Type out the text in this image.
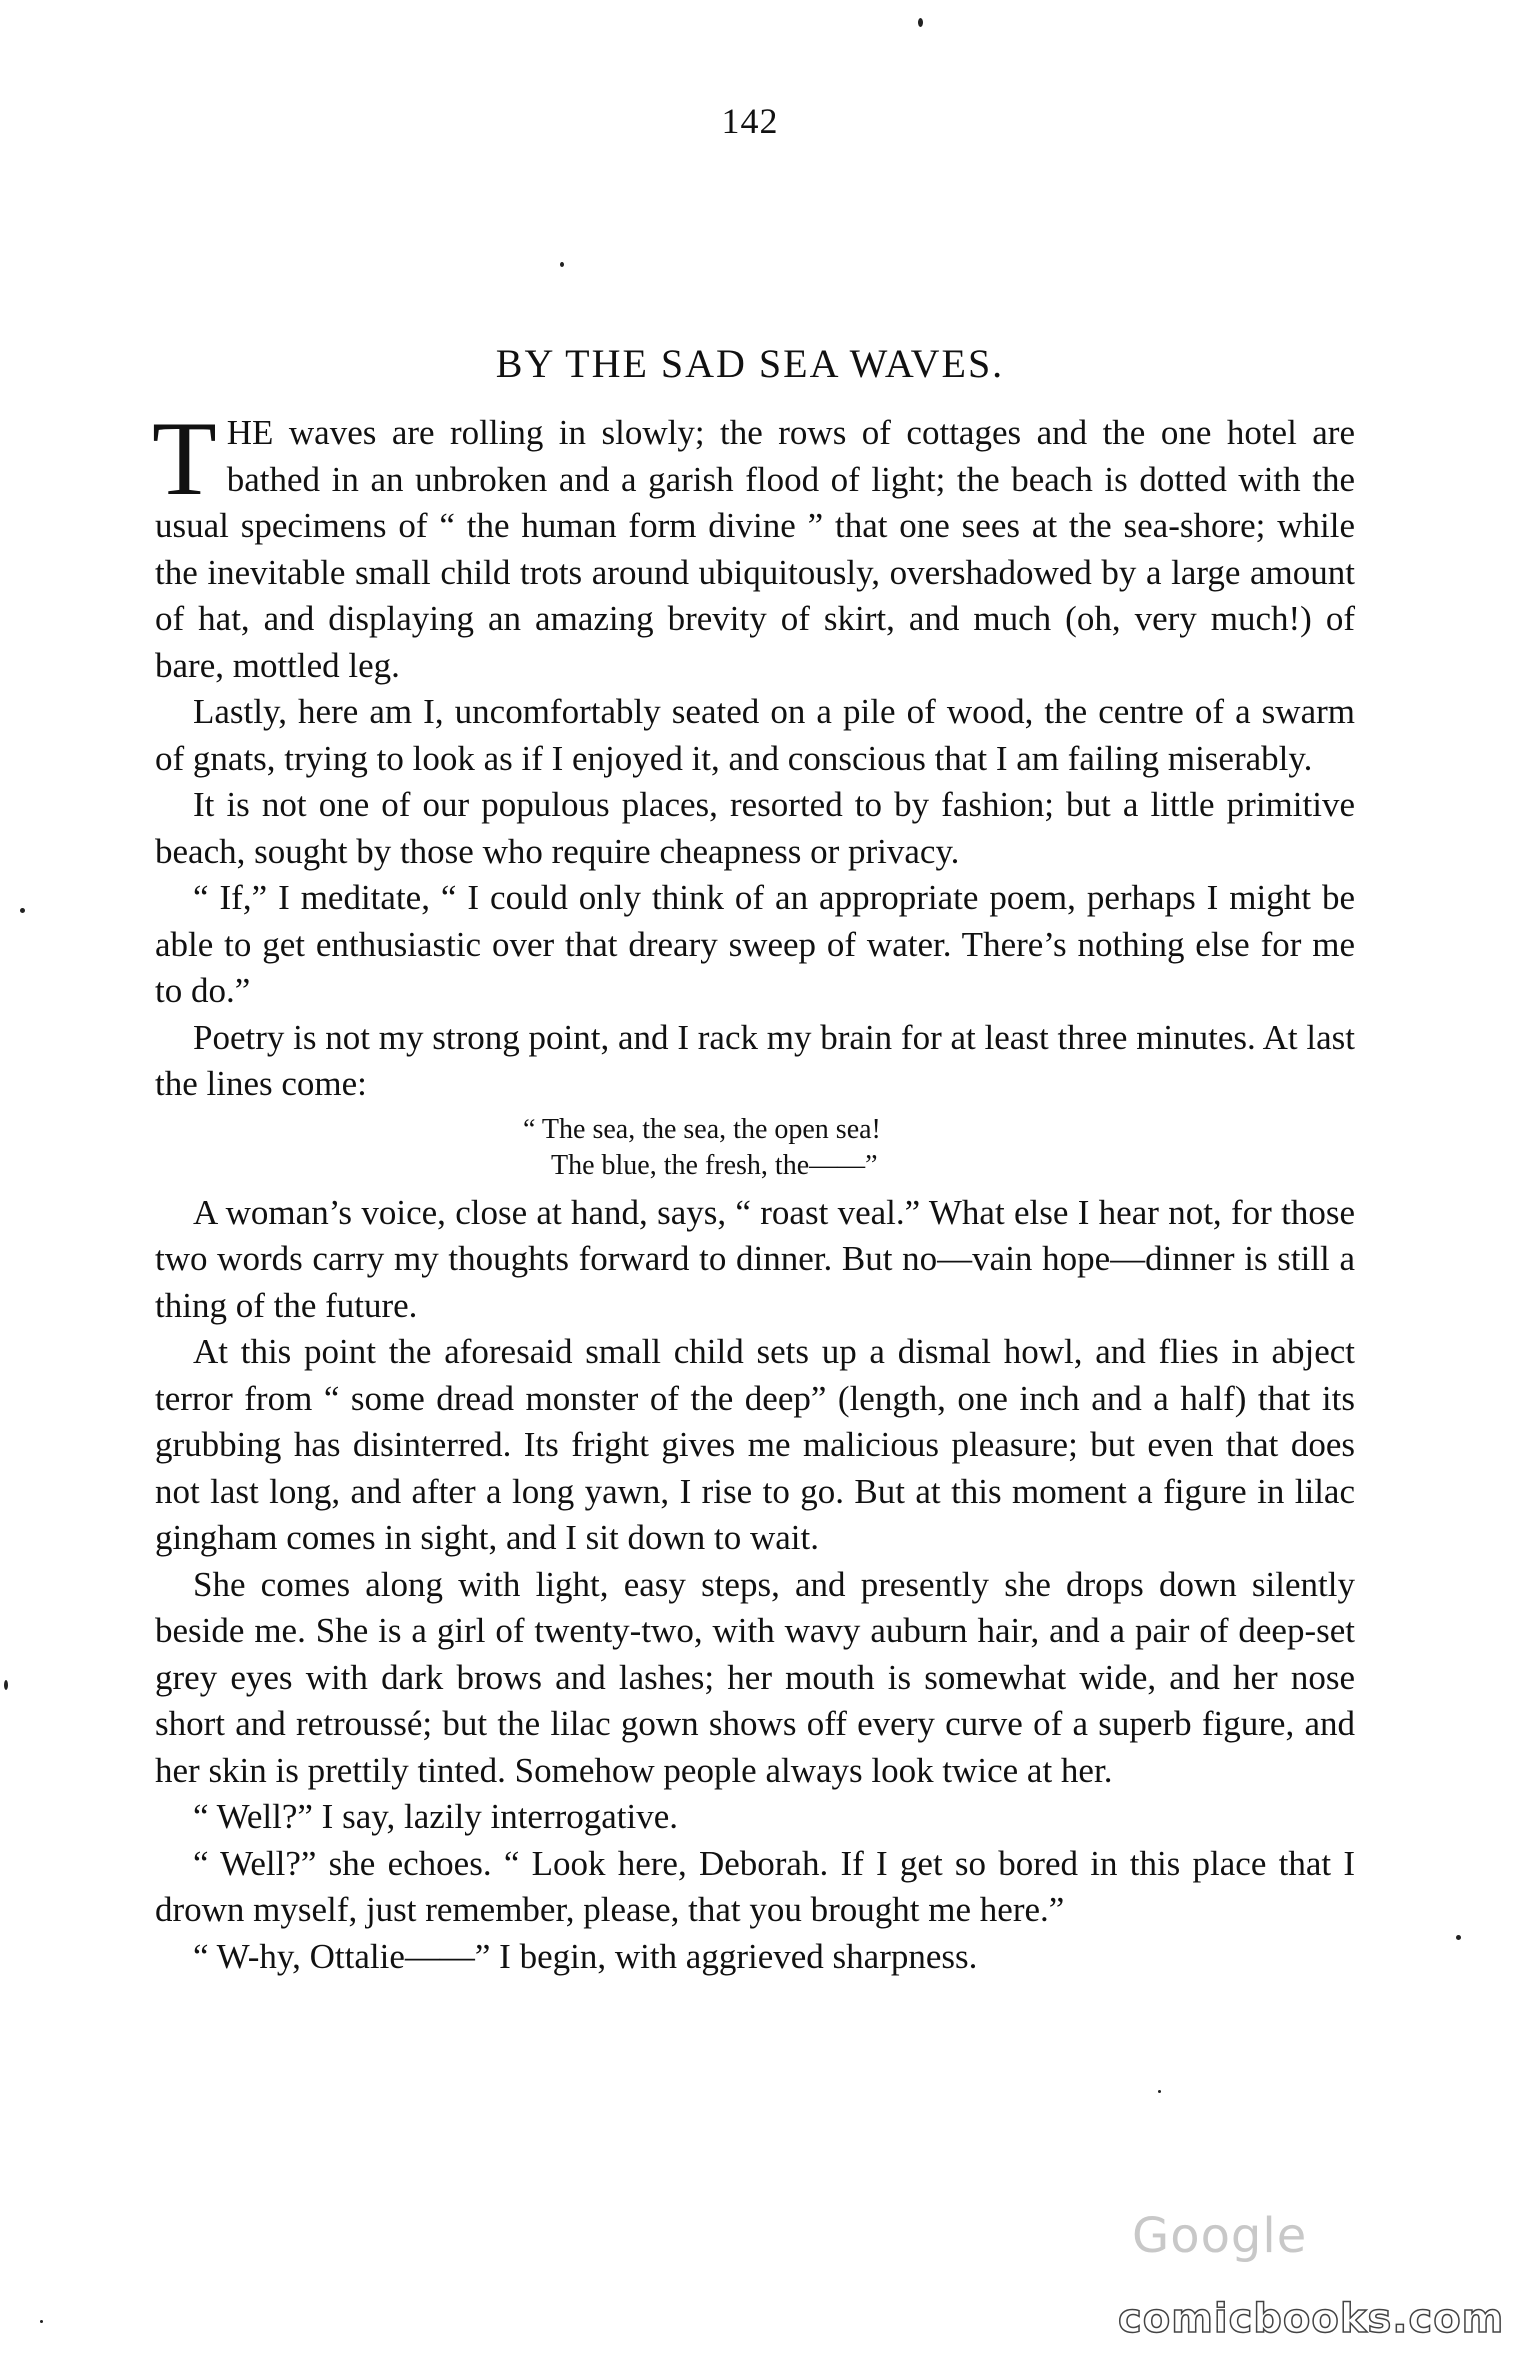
142
BY THE SAD SEA WAVES.

THE waves are rolling in slowly; the rows of cottages and the one hotel are bathed in an unbroken and a garish flood of light; the beach is dotted with the usual specimens of “ the human form divine ” that one sees at the sea-shore; while the inevitable small child trots around ubiquitously, overshadowed by a large amount of hat, and displaying an amazing brevity of skirt, and much (oh, very much!) of bare, mottled leg.

Lastly, here am I, uncomfortably seated on a pile of wood, the centre of a swarm of gnats, trying to look as if I enjoyed it, and conscious that I am failing miserably.

It is not one of our populous places, resorted to by fashion; but a little primitive beach, sought by those who require cheapness or privacy.

“ If,” I meditate, “ I could only think of an appropriate poem, perhaps I might be able to get enthusiastic over that dreary sweep of water. There’s nothing else for me to do.”

Poetry is not my strong point, and I rack my brain for at least three minutes. At last the lines come:

“ The sea, the sea, the open sea!
The blue, the fresh, the——”

A woman’s voice, close at hand, says, “ roast veal.” What else I hear not, for those two words carry my thoughts forward to dinner. But no—vain hope—dinner is still a thing of the future.

At this point the aforesaid small child sets up a dismal howl, and flies in abject terror from “ some dread monster of the deep” (length, one inch and a half) that its grubbing has disinterred. Its fright gives me malicious pleasure; but even that does not last long, and after a long yawn, I rise to go. But at this moment a figure in lilac gingham comes in sight, and I sit down to wait.

She comes along with light, easy steps, and presently she drops down silently beside me. She is a girl of twenty-two, with wavy auburn hair, and a pair of deep-set grey eyes with dark brows and lashes; her mouth is somewhat wide, and her nose short and retroussé; but the lilac gown shows off every curve of a superb figure, and her skin is prettily tinted. Somehow people always look twice at her.

“ Well?” I say, lazily interrogative.

“ Well?” she echoes. “ Look here, Deborah. If I get so bored in this place that I drown myself, just remember, please, that you brought me here.”

“ W-hy, Ottalie——” I begin, with aggrieved sharpness.

Google
comicbooks.com
